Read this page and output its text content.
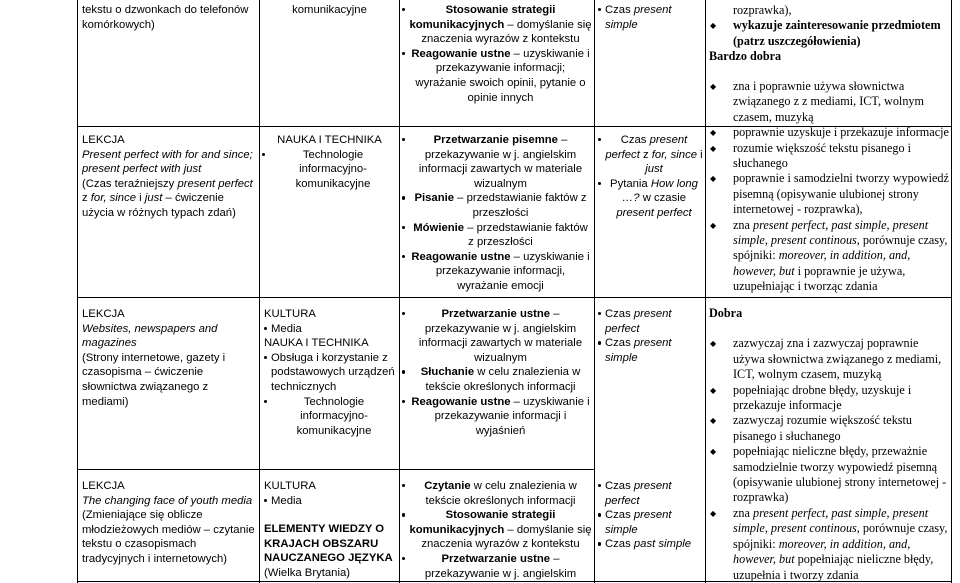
tekstu o dzwonkach do telefonów komórkowych)
komunikacyjne	Stosowanie strategii komunikacyjnych – domyślanie się znaczenia wyrazów z kontekstu
Reagowanie ustne – uzyskiwanie i przekazywanie informacji; wyrażanie swoich opinii, pytanie o opinie innych
Czas present simple
rozprawka),
◆ wykazuje zainteresowanie przedmiotem (patrz uszczegółowienia)
Bardzo dobra
LEKCJA
Present perfect with for and since; present perfect with just
(Czas teraźniejszy present perfect z for, since i just – ćwiczenie użycia w różnych typach zdań)
NAUKA I TECHNIKA
Technologie informacyjno-komunikacyjne
Przetwarzanie pisemne – przekazywanie w j. angielskim informacji zawartych w materiale wizualnym
Pisanie – przedstawianie faktów z przeszłości
Mówienie – przedstawianie faktów z przeszłości
Reagowanie ustne – uzyskiwanie i przekazywanie informacji, wyrażanie emocji
Czas present perfect z for, since i just
Pytania How long …? w czasie present perfect
◆ zna i poprawnie używa słownictwa związanego z z mediami, ICT, wolnym czasem, muzyką
◆ poprawnie uzyskuje i przekazuje informacje
◆ rozumie większość tekstu pisanego i słuchanego
◆ poprawnie i samodzielni tworzy wypowiedź pisemną (opisywanie ulubionej strony internetowej - rozprawka),
◆ zna present perfect, past simple, present simple, present continous, porównuje czasy, spójniki: moreover, in addition, and, however, but i poprawnie je używa, uzupełniając i tworząc zdania
LEKCJA
Websites, newspapers and magazines
(Strony internetowe, gazety i czasopisma – ćwiczenie słownictwa związanego z mediami)
KULTURA
Media
NAUKA I TECHNIKA
Obsługa i korzystanie z podstawowych urządzeń technicznych
Technologie informacyjno-komunikacyjne
Przetwarzanie ustne – przekazywanie w j. angielskim informacji zawartych w materiale wizualnym
Słuchanie w celu znalezienia w tekście określonych informacji
Reagowanie ustne – uzyskiwanie i przekazywanie informacji i wyjaśnień
Czas present perfect
Czas present simple
Dobra
◆ zazwyczaj zna i zazwyczaj poprawnie używa słownictwa związanego z mediami, ICT, wolnym czasem, muzyką
◆ popełniając drobne błędy, uzyskuje i przekazuje informacje
◆ zazwyczaj rozumie większość tekstu pisanego i słuchanego
◆ popełniając nieliczne błędy, przeważnie samodzielnie tworzy wypowiedź pisemną (opisywanie ulubionej strony internetowej - rozprawka)
◆ zna present perfect, past simple, present simple, present continous, porównuje czasy, spójniki: moreover, in addition, and, however, but popełniając nieliczne błędy, uzupełnia i tworzy zdania
LEKCJA
The changing face of youth media
(Zmieniające się oblicze młodzieżowych mediów – czytanie tekstu o czasopismach tradycyjnych i internetowych)
KULTURA
Media
ELEMENTY WIEDZY O KRAJACH OBSZARU NAUCZANEGO JĘZYKA
(Wielka Brytania)
Czytanie w celu znalezienia w tekście określonych informacji
Stosowanie strategii komunikacyjnych – domyślanie się znaczenia wyrazów z kontekstu
Przetwarzanie ustne – przekazywanie w j. angielskim
Czas present perfect
Czas present simple
Czas past simple
